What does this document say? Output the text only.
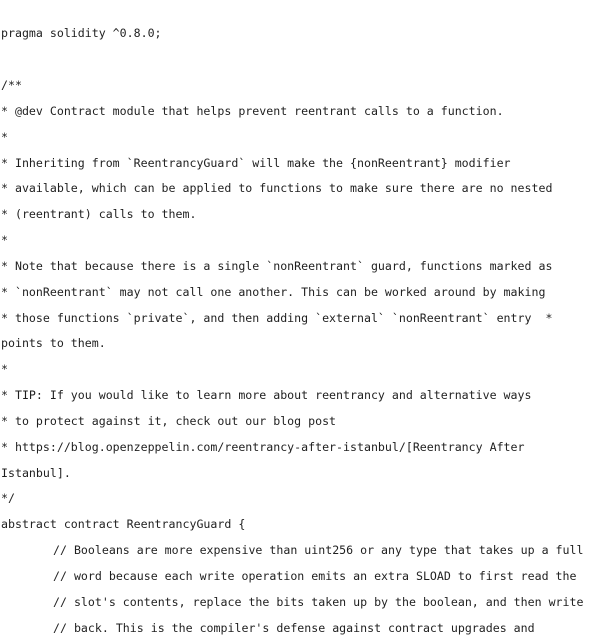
pragma solidity ^0.8.0;
/**
* @dev Contract module that helps prevent reentrant calls to a function.
*
* Inheriting from `ReentrancyGuard` will make the {nonReentrant} modifier
* available, which can be applied to functions to make sure there are no nested
* (reentrant) calls to them.
*
* Note that because there is a single `nonReentrant` guard, functions marked as
* `nonReentrant` may not call one another. This can be worked around by making
* those functions `private`, and then adding `external` `nonReentrant` entry  *
points to them.
*
* TIP: If you would like to learn more about reentrancy and alternative ways
* to protect against it, check out our blog post
* https://blog.openzeppelin.com/reentrancy-after-istanbul/[Reentrancy After
Istanbul].
*/
abstract contract ReentrancyGuard {
// Booleans are more expensive than uint256 or any type that takes up a full
// word because each write operation emits an extra SLOAD to first read the
// slot's contents, replace the bits taken up by the boolean, and then write
// back. This is the compiler's defense against contract upgrades and
